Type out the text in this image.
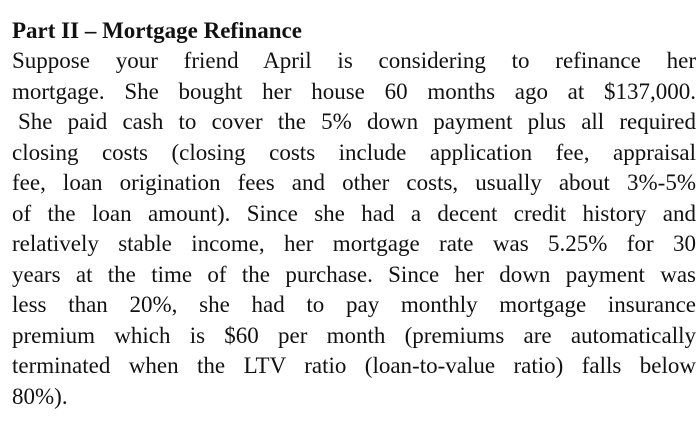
Part II – Mortgage Refinance
Suppose your friend April is considering to refinance her
mortgage. She bought her house 60 months ago at $137,000.
She paid cash to cover the 5% down payment plus all required
closing costs (closing costs include application fee, appraisal
fee, loan origination fees and other costs, usually about 3%-5%
of the loan amount). Since she had a decent credit history and
relatively stable income, her mortgage rate was 5.25% for 30
years at the time of the purchase. Since her down payment was
less than 20%, she had to pay monthly mortgage insurance
premium which is $60 per month (premiums are automatically
terminated when the LTV ratio (loan-to-value ratio) falls below
80%).
